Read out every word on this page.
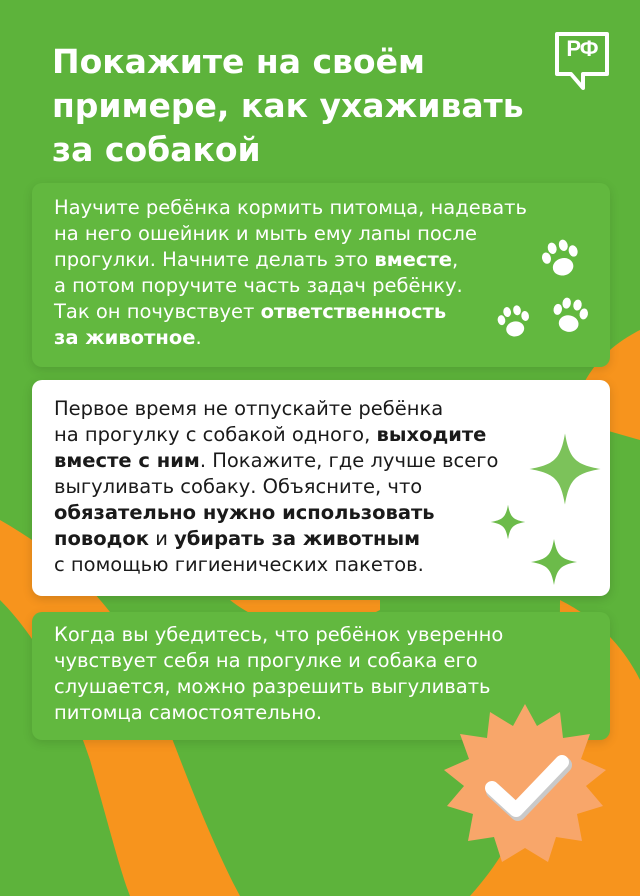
Покажите на своём
примере, как ухаживать
за собакой
РФ

Научите ребёнка кормить питомца, надевать

на него ошейник и мыть ему лапы после

прогулки. Начните делать это вместе,

а потом поручите часть задач ребёнку.

Так он почувствует ответственность

за животное.

Первое время не отпускайте ребёнка

на прогулку с собакой одного, выходите

вместе с ним. Покажите, где лучше всего

выгуливать собаку. Объясните, что

обязательно нужно использовать

поводок и убирать за животным

с помощью гигиенических пакетов.

Когда вы убедитесь, что ребёнок уверенно

чувствует себя на прогулке и собака его

слушается, можно разрешить выгуливать

питомца самостоятельно.
